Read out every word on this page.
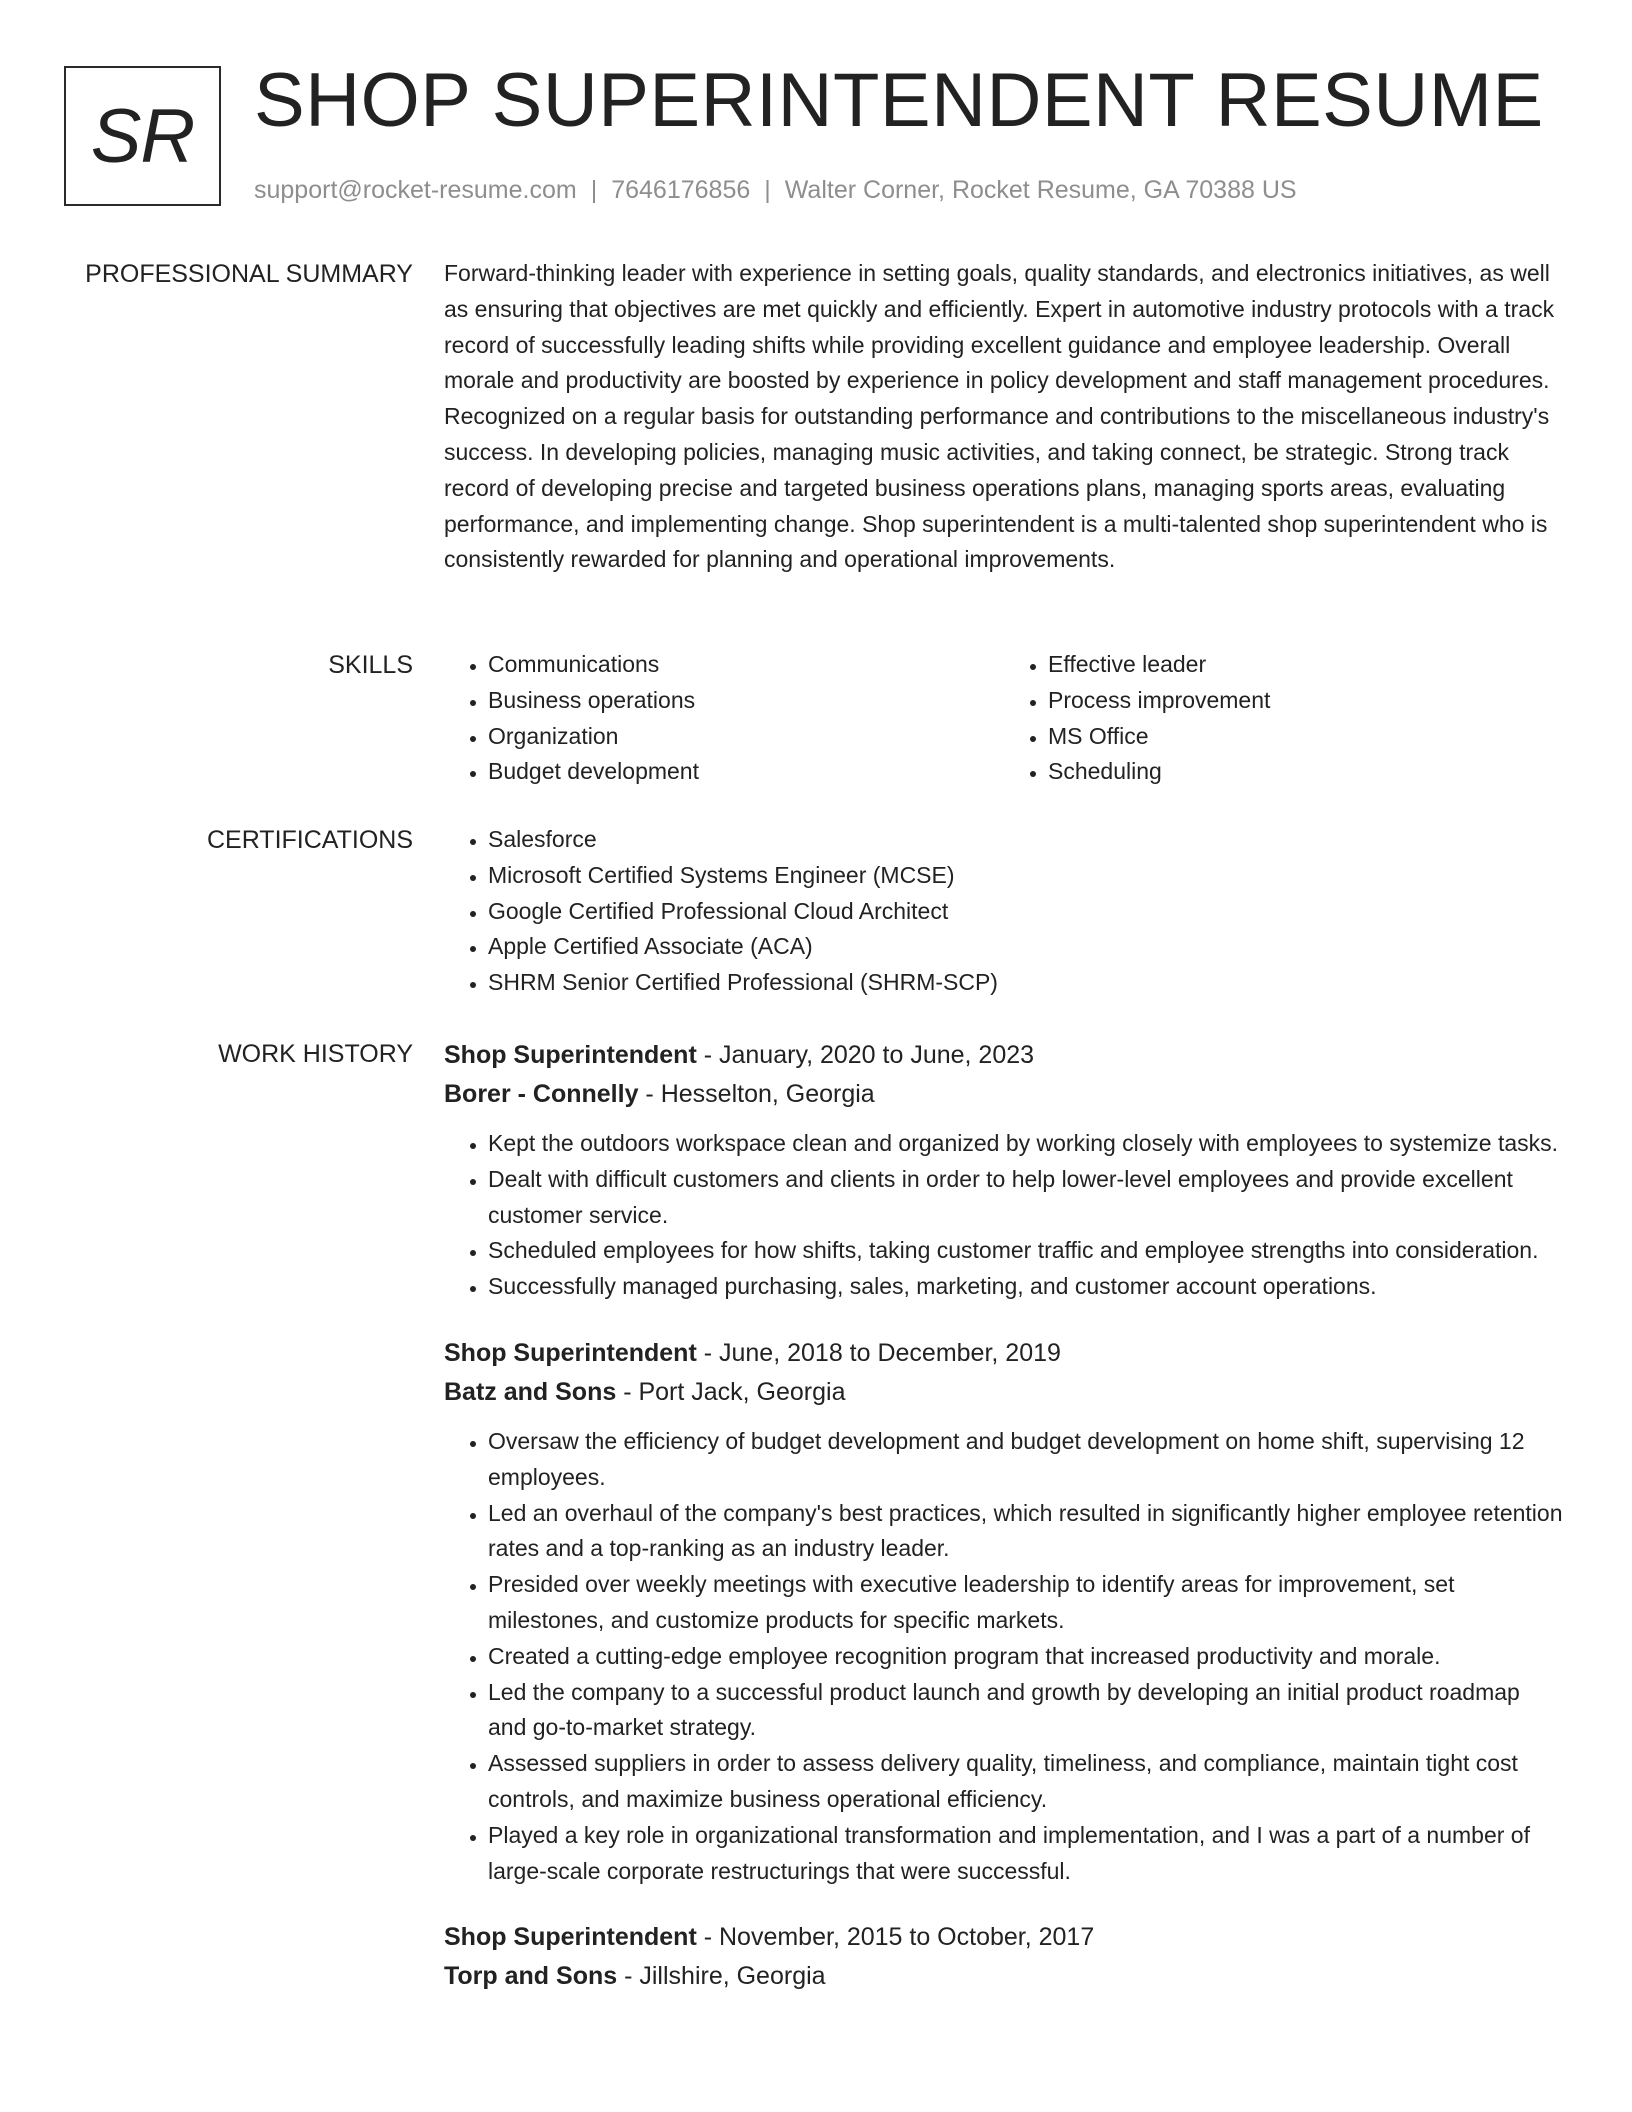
SR SHOP SUPERINTENDENT RESUME
support@rocket-resume.com | 7646176856 | Walter Corner, Rocket Resume, GA 70388 US
PROFESSIONAL SUMMARY Forward-thinking leader with experience in setting goals, quality standards, and electronics initiatives, as well as ensuring that objectives are met quickly and efficiently. Expert in automotive industry protocols with a track record of successfully leading shifts while providing excellent guidance and employee leadership. Overall morale and productivity are boosted by experience in policy development and staff management procedures. Recognized on a regular basis for outstanding performance and contributions to the miscellaneous industry's success. In developing policies, managing music activities, and taking connect, be strategic. Strong track record of developing precise and targeted business operations plans, managing sports areas, evaluating performance, and implementing change. Shop superintendent is a multi-talented shop superintendent who is consistently rewarded for planning and operational improvements.

SKILLS	• Communications
• Business operations
• Organization
• Budget development
• Effective leader
• Process improvement
• MS Office
• Scheduling
CERTIFICATIONS	• Salesforce
• Microsoft Certified Systems Engineer (MCSE)
• Google Certified Professional Cloud Architect
• Apple Certified Associate (ACA)
• SHRM Senior Certified Professional (SHRM-SCP)
WORK HISTORY Shop Superintendent - January, 2020 to June, 2023
Borer - Connelly - Hesselton, Georgia
• Kept the outdoors workspace clean and organized by working closely with employees to systemize tasks.
• Dealt with difficult customers and clients in order to help lower-level employees and provide excellent customer service.
• Scheduled employees for how shifts, taking customer traffic and employee strengths into consideration.
• Successfully managed purchasing, sales, marketing, and customer account operations.
Shop Superintendent - June, 2018 to December, 2019
Batz and Sons - Port Jack, Georgia
• Oversaw the efficiency of budget development and budget development on home shift, supervising 12 employees.
• Led an overhaul of the company's best practices, which resulted in significantly higher employee retention rates and a top-ranking as an industry leader.
• Presided over weekly meetings with executive leadership to identify areas for improvement, set milestones, and customize products for specific markets.
• Created a cutting-edge employee recognition program that increased productivity and morale.
• Led the company to a successful product launch and growth by developing an initial product roadmap and go-to-market strategy.
• Assessed suppliers in order to assess delivery quality, timeliness, and compliance, maintain tight cost controls, and maximize business operational efficiency.
• Played a key role in organizational transformation and implementation, and I was a part of a number of large-scale corporate restructurings that were successful.
Shop Superintendent - November, 2015 to October, 2017
Torp and Sons - Jillshire, Georgia
